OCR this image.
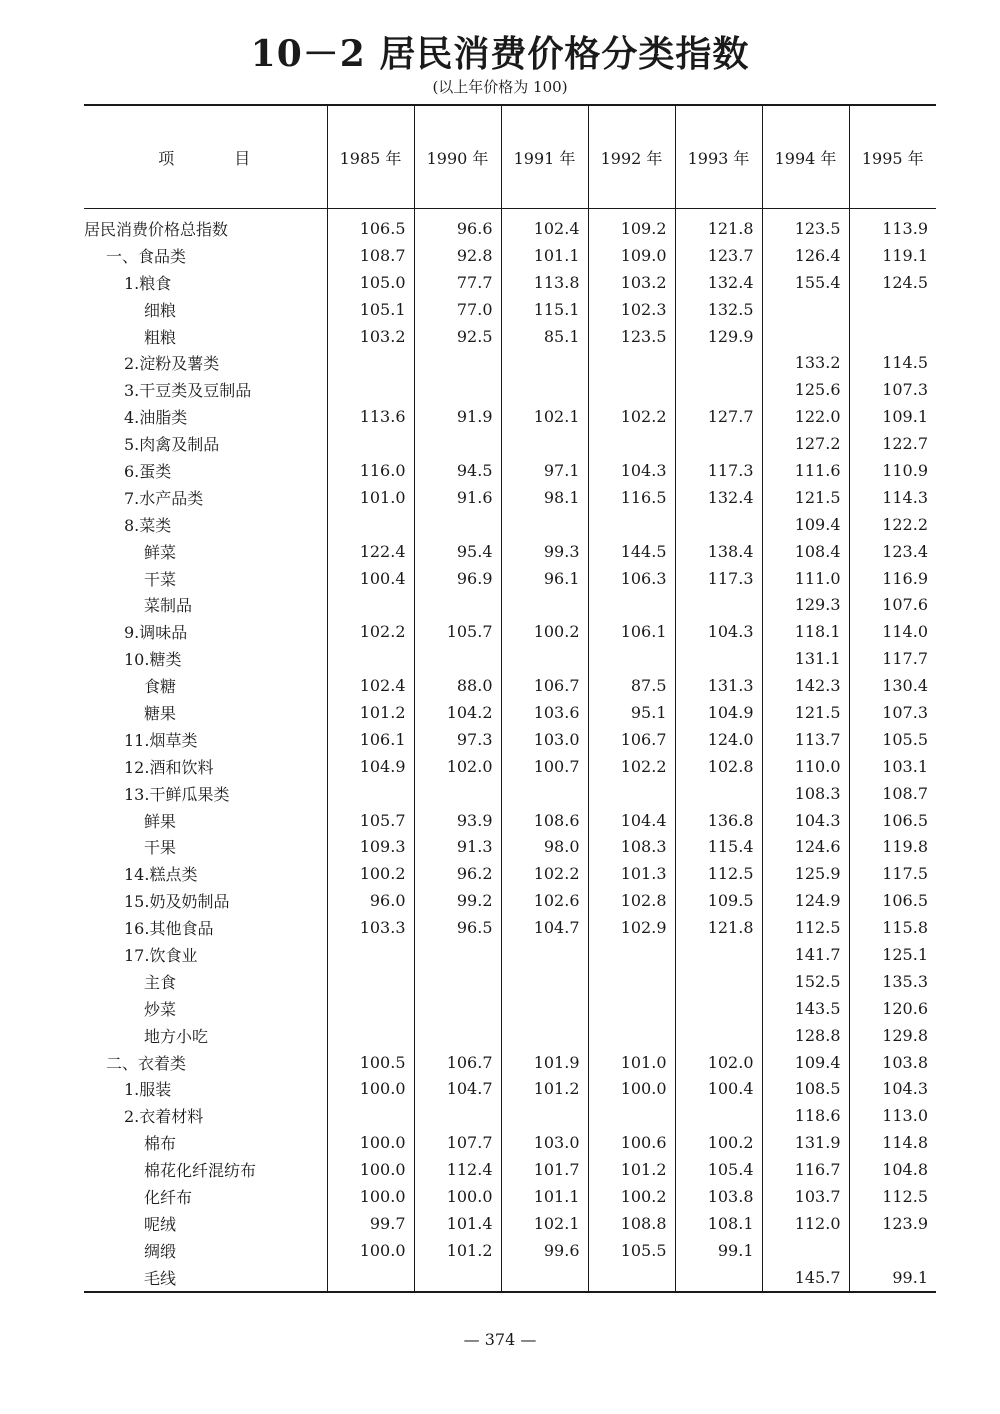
10－2 居民消费价格分类指数
(以上年价格为 100)
项 目	1985 年	1990 年	1991 年	1992 年	1993 年	1994 年	1995 年
居民消费价格总指数	106.5	96.6	102.4	109.2	121.8	123.5	113.9
一、食品类	108.7	92.8	101.1	109.0	123.7	126.4	119.1
1.粮食	105.0	77.7	113.8	103.2	132.4	155.4	124.5
细粮	105.1	77.0	115.1	102.3	132.5		
粗粮	103.2	92.5	85.1	123.5	129.9		
2.淀粉及薯类						133.2	114.5
3.干豆类及豆制品						125.6	107.3
4.油脂类	113.6	91.9	102.1	102.2	127.7	122.0	109.1
5.肉禽及制品						127.2	122.7
6.蛋类	116.0	94.5	97.1	104.3	117.3	111.6	110.9
7.水产品类	101.0	91.6	98.1	116.5	132.4	121.5	114.3
8.菜类						109.4	122.2
鲜菜	122.4	95.4	99.3	144.5	138.4	108.4	123.4
干菜	100.4	96.9	96.1	106.3	117.3	111.0	116.9
菜制品						129.3	107.6
9.调味品	102.2	105.7	100.2	106.1	104.3	118.1	114.0
10.糖类						131.1	117.7
食糖	102.4	88.0	106.7	87.5	131.3	142.3	130.4
糖果	101.2	104.2	103.6	95.1	104.9	121.5	107.3
11.烟草类	106.1	97.3	103.0	106.7	124.0	113.7	105.5
12.酒和饮料	104.9	102.0	100.7	102.2	102.8	110.0	103.1
13.干鲜瓜果类						108.3	108.7
鲜果	105.7	93.9	108.6	104.4	136.8	104.3	106.5
干果	109.3	91.3	98.0	108.3	115.4	124.6	119.8
14.糕点类	100.2	96.2	102.2	101.3	112.5	125.9	117.5
15.奶及奶制品	96.0	99.2	102.6	102.8	109.5	124.9	106.5
16.其他食品	103.3	96.5	104.7	102.9	121.8	112.5	115.8
17.饮食业						141.7	125.1
主食						152.5	135.3
炒菜						143.5	120.6
地方小吃						128.8	129.8
二、衣着类	100.5	106.7	101.9	101.0	102.0	109.4	103.8
1.服装	100.0	104.7	101.2	100.0	100.4	108.5	104.3
2.衣着材料						118.6	113.0
棉布	100.0	107.7	103.0	100.6	100.2	131.9	114.8
棉花化纤混纺布	100.0	112.4	101.7	101.2	105.4	116.7	104.8
化纤布	100.0	100.0	101.1	100.2	103.8	103.7	112.5
呢绒	99.7	101.4	102.1	108.8	108.1	112.0	123.9
绸缎	100.0	101.2	99.6	105.5	99.1		
毛线						145.7	99.1
— 374 —
